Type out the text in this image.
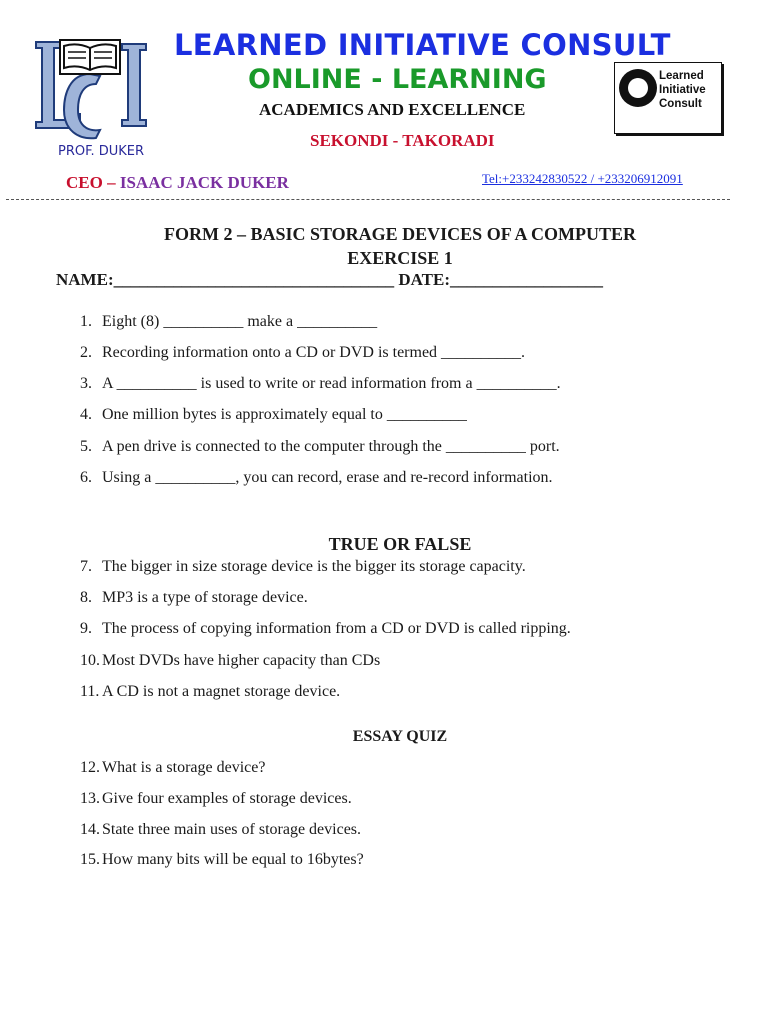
LEARNED INITIATIVE CONSULT
ONLINE - LEARNING
ACADEMICS AND EXCELLENCE
SEKONDI - TAKORADI
PROF. DUKER
CEO – ISAAC JACK DUKER	Tel:+233242830522 / +233206912091
Learned
Initiative
Consult
FORM 2 – BASIC STORAGE DEVICES OF A COMPUTER
EXERCISE 1
NAME:_________________________________ DATE:__________________
1. Eight (8) __________ make a __________
2. Recording information onto a CD or DVD is termed __________.
3. A __________ is used to write or read information from a __________.
4. One million bytes is approximately equal to __________
5. A pen drive is connected to the computer through the __________ port.
6. Using a __________, you can record, erase and re-record information.
TRUE OR FALSE
7. The bigger in size storage device is the bigger its storage capacity.
8. MP3 is a type of storage device.
9. The process of copying information from a CD or DVD is called ripping.
10. Most DVDs have higher capacity than CDs
11. A CD is not a magnet storage device.
ESSAY QUIZ
12. What is a storage device?
13. Give four examples of storage devices.
14. State three main uses of storage devices.
15. How many bits will be equal to 16bytes?
